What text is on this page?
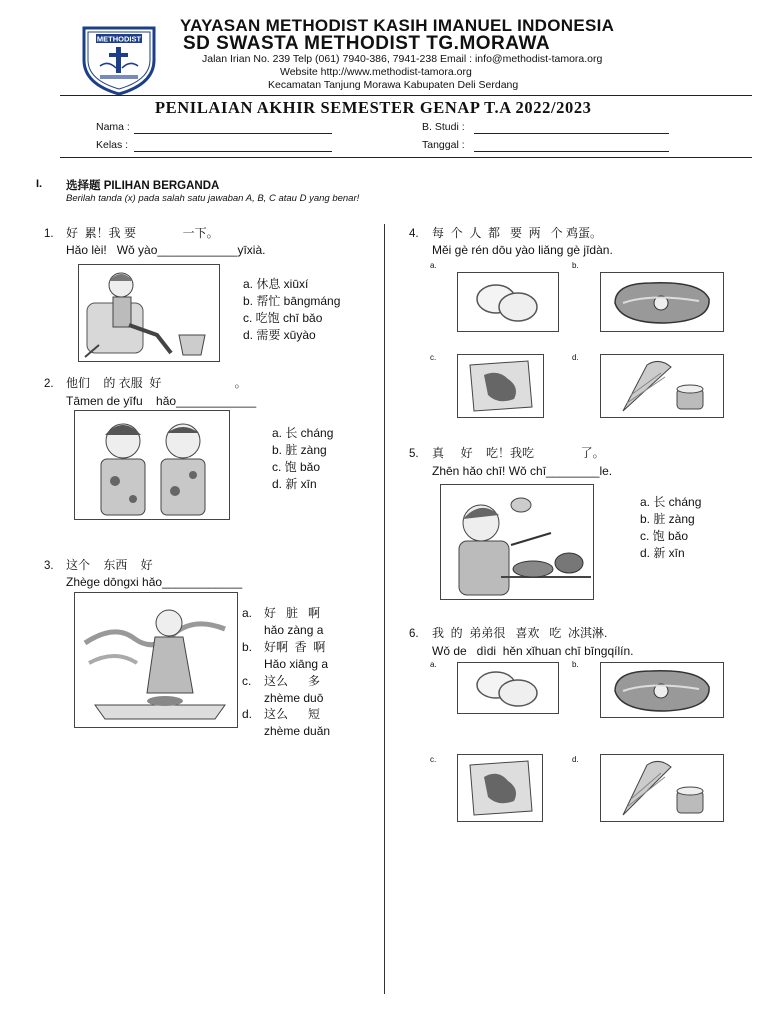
METHODIST
YAYASAN METHODIST KASIH IMANUEL INDONESIA
SD SWASTA METHODIST TG.MORAWA
Jalan Irian No. 239 Telp (061) 7940-386, 7941-238 Email : info@methodist-tamora.org
Website http://www.methodist-tamora.org
Kecamatan Tanjung Morawa Kabupaten Deli Serdang
PENILAIAN AKHIR SEMESTER GENAP T.A 2022/2023
Nama :
Kelas :
B. Studi :
Tanggal :
I. 选择题 PILIHAN BERGANDA
Berilah tanda (x) pada salah satu jawaban A, B, C atau D yang benar!
1. 好  累！我 要              一下。
Hǎo lèi!   Wǒ yào____________yīxià.
a. 休息 xiūxí
b. 帮忙 bāngmáng
c. 吃饱 chī bǎo
d. 需要 xūyào
2. 他们    的 衣服  好                      。
Tāmen de yīfu    hǎo____________
a. 长 cháng
b. 脏 zàng
c. 饱 bǎo
d. 新 xīn
3. 这个    东西    好
Zhège dōngxi hǎo____________
a. 好   脏   啊
hǎo zàng a
b. 好啊  香  啊
Hǎo xiāng a
c. 这么      多
zhème duō
d. 这么      短
zhème duǎn
4. 每  个  人  都   要  两   个 鸡蛋。
Měi gè rén dōu yào liǎng gè jīdàn.
a.	b.
c.	d.
5. 真     好    吃！我吃              了。
Zhēn hǎo chī! Wǒ chī________le.
a. 长 cháng
b. 脏 zàng
c. 饱 bǎo
d. 新 xīn
6. 我  的  弟弟很   喜欢   吃  冰淇淋.
Wǒ de   dìdi  hěn xǐhuan chī bīngqílín.
a.	b.
c.	d.
